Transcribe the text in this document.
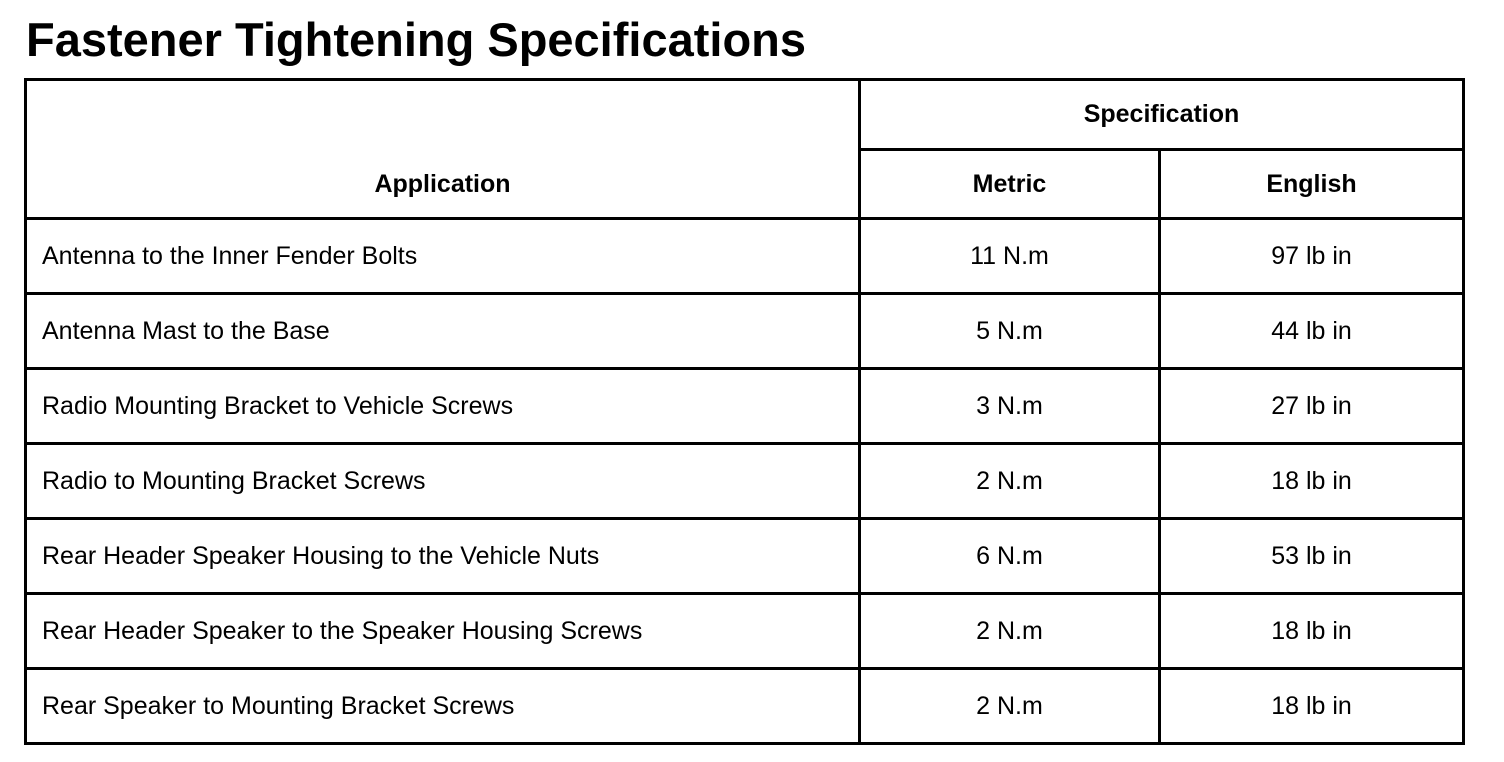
Fastener Tightening Specifications
Application	Specification	
	Metric	English
Antenna to the Inner Fender Bolts	11 N.m	97 lb in
Antenna Mast to the Base	5 N.m	44 lb in
Radio Mounting Bracket to Vehicle Screws	3 N.m	27 lb in
Radio to Mounting Bracket Screws	2 N.m	18 lb in
Rear Header Speaker Housing to the Vehicle Nuts	6 N.m	53 lb in
Rear Header Speaker to the Speaker Housing Screws	2 N.m	18 lb in
Rear Speaker to Mounting Bracket Screws	2 N.m	18 lb in
